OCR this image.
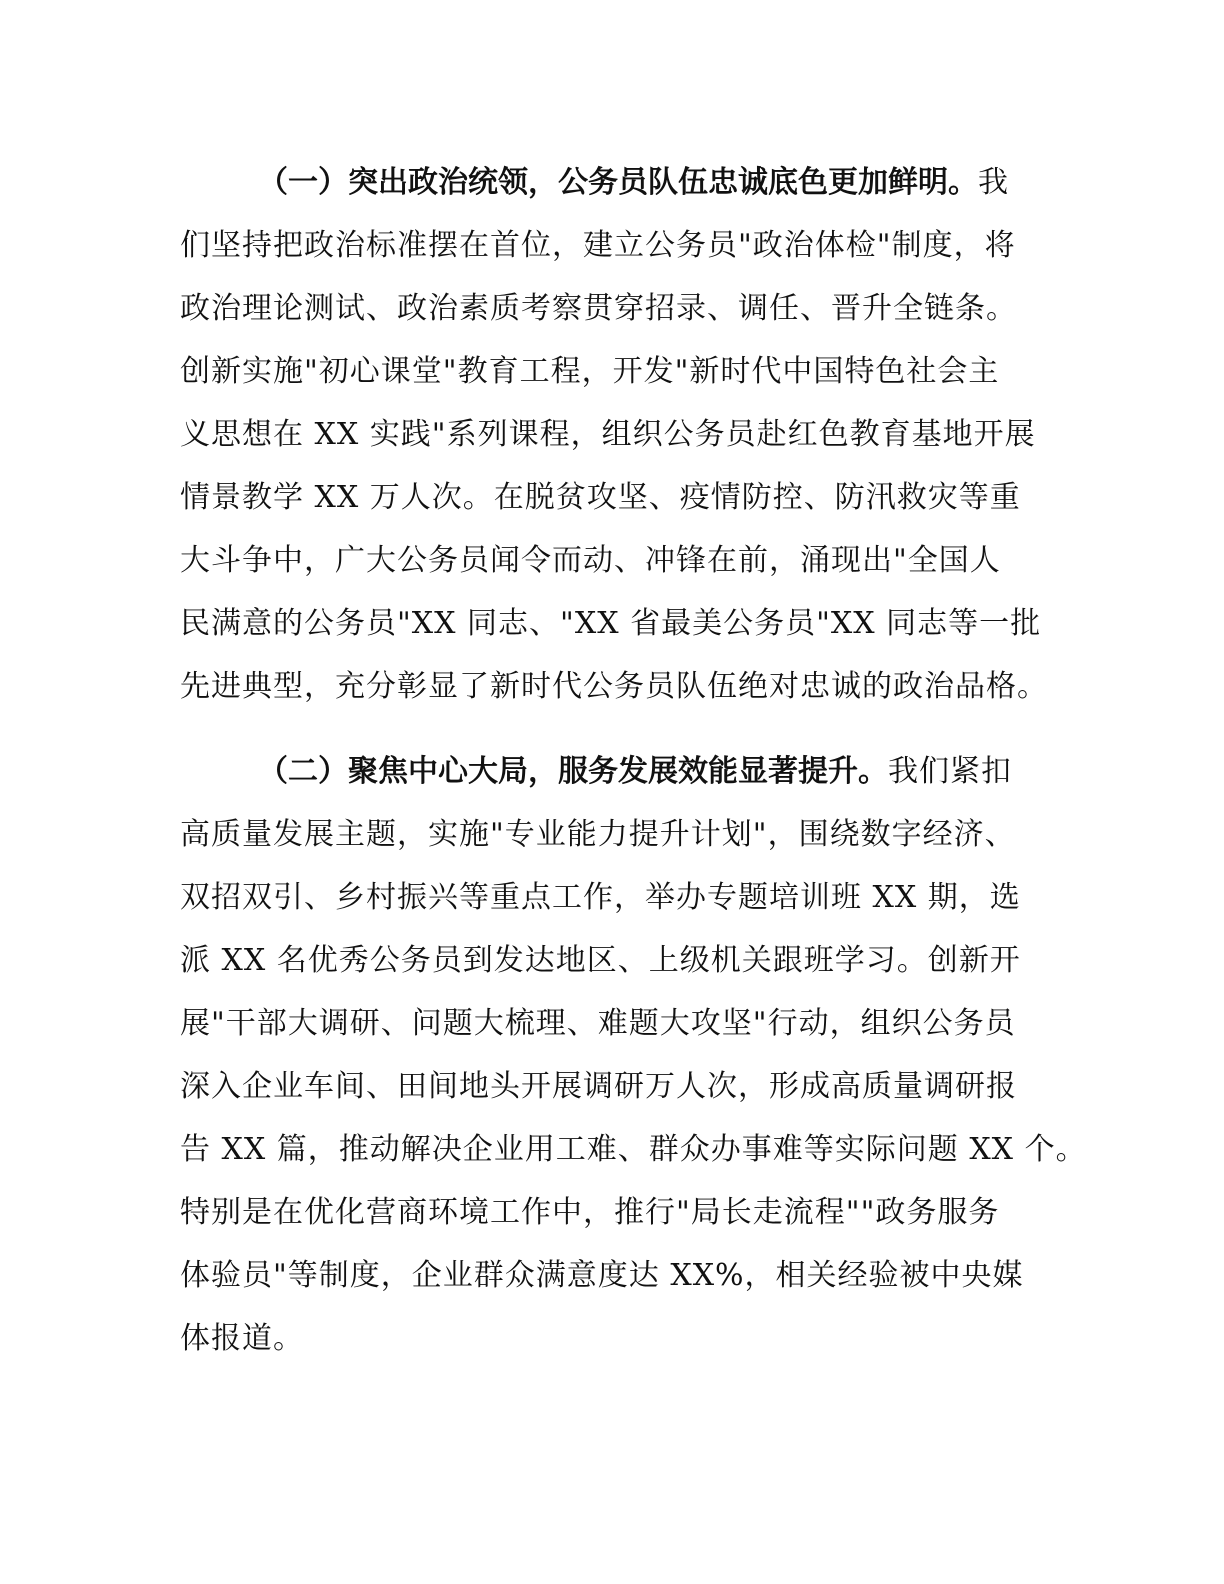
（一）突出政治统领，公务员队伍忠诚底色更加鲜明。我
们坚持把政治标准摆在首位，建立公务员"政治体检"制度，将
政治理论测试、政治素质考察贯穿招录、调任、晋升全链条。
创新实施"初心课堂"教育工程，开发"新时代中国特色社会主
义思想在 XX 实践"系列课程，组织公务员赴红色教育基地开展
情景教学 XX 万人次。在脱贫攻坚、疫情防控、防汛救灾等重
大斗争中，广大公务员闻令而动、冲锋在前，涌现出"全国人
民满意的公务员"XX 同志、"XX 省最美公务员"XX 同志等一批
先进典型，充分彰显了新时代公务员队伍绝对忠诚的政治品格。
（二）聚焦中心大局，服务发展效能显著提升。我们紧扣
高质量发展主题，实施"专业能力提升计划"，围绕数字经济、
双招双引、乡村振兴等重点工作，举办专题培训班 XX 期，选
派 XX 名优秀公务员到发达地区、上级机关跟班学习。创新开
展"干部大调研、问题大梳理、难题大攻坚"行动，组织公务员
深入企业车间、田间地头开展调研万人次，形成高质量调研报
告 XX 篇，推动解决企业用工难、群众办事难等实际问题 XX 个。
特别是在优化营商环境工作中，推行"局长走流程""政务服务
体验员"等制度，企业群众满意度达 XX%，相关经验被中央媒
体报道。
